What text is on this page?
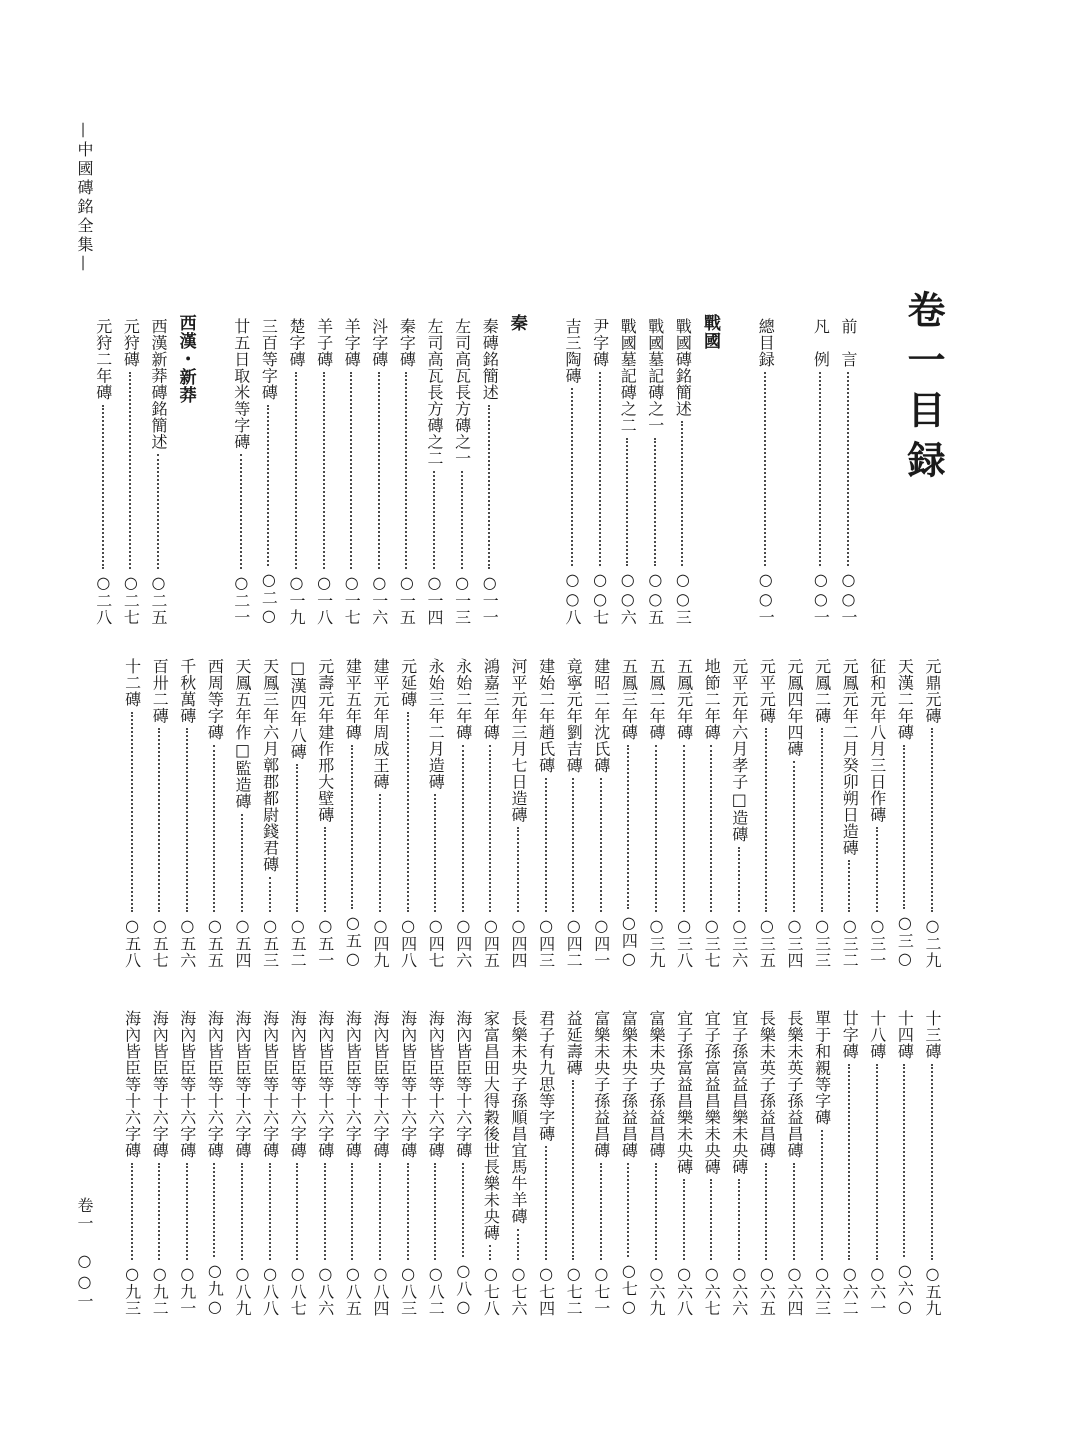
—中國磚銘全集—
卷一　○○一
卷一目録
前　言
○○一
凡　例
○○一
總目録
○○一
戰國
戰國磚銘簡述
○○三
戰國墓記磚之一
○○五
戰國墓記磚之二
○○六
尹字磚
○○七
吉三陶磚
○○八
秦
秦磚銘簡述
○一一
左司高瓦長方磚之一
○一三
左司高瓦長方磚之二
○一四
秦字磚
○一五
㳆字磚
○一六
羊字磚
○一七
羊子磚
○一八
楚字磚
○一九
三百等字磚
○二○
廿五日取米等字磚
○二一
西漢・新莽
西漢新莽磚銘簡述
○二五
元狩磚
○二七
元狩二年磚
○二八
元鼎元磚
○二九
天漢二年磚
○三○
征和元年八月三日作磚
○三一
元鳳元年二月癸卯朔日造磚
○三二
元鳳二磚
○三三
元鳳四年四磚
○三四
元平元磚
○三五
元平元年六月孝子□造磚
○三六
地節二年磚
○三七
五鳳元年磚
○三八
五鳳二年磚
○三九
五鳳三年磚
○四○
建昭二年沈氏磚
○四一
竟寧元年劉吉磚
○四二
建始二年趙氏磚
○四三
河平元年三月七日造磚
○四四
鴻嘉三年磚
○四五
永始二年磚
○四六
永始三年二月造磚
○四七
元延磚
○四八
建平元年周成王磚
○四九
建平五年磚
○五○
元壽元年建作邢大壁磚
○五一
□漢四年八磚
○五二
天鳳三年六月鄣郡都尉錢君磚
○五三
天鳳五年作□監造磚
○五四
西周等字磚
○五五
千秋萬磚
○五六
百卅二磚
○五七
十二磚
○五八
十三磚
○五九
十四磚
○六○
十八磚
○六一
廿字磚
○六二
單于和親等字磚
○六三
長樂未英子孫益昌磚
○六四
長樂未英子孫益昌磚
○六五
宜子孫富益昌樂未央磚
○六六
宜子孫富益昌樂未央磚
○六七
宜子孫富益昌樂未央磚
○六八
富樂未央子孫益昌磚
○六九
富樂未央子孫益昌磚
○七○
富樂未央子孫益昌磚
○七一
益延壽磚
○七二
君子有九思等字磚
○七四
長樂未央子孫順昌宜馬牛羊磚
○七六
家富昌田大得穀後世長樂未央磚
○七八
海內皆臣等十六字磚
○八○
海內皆臣等十六字磚
○八二
海內皆臣等十六字磚
○八三
海內皆臣等十六字磚
○八四
海內皆臣等十六字磚
○八五
海內皆臣等十六字磚
○八六
海內皆臣等十六字磚
○八七
海內皆臣等十六字磚
○八八
海內皆臣等十六字磚
○八九
海內皆臣等十六字磚
○九○
海內皆臣等十六字磚
○九一
海內皆臣等十六字磚
○九二
海內皆臣等十六字磚
○九三
